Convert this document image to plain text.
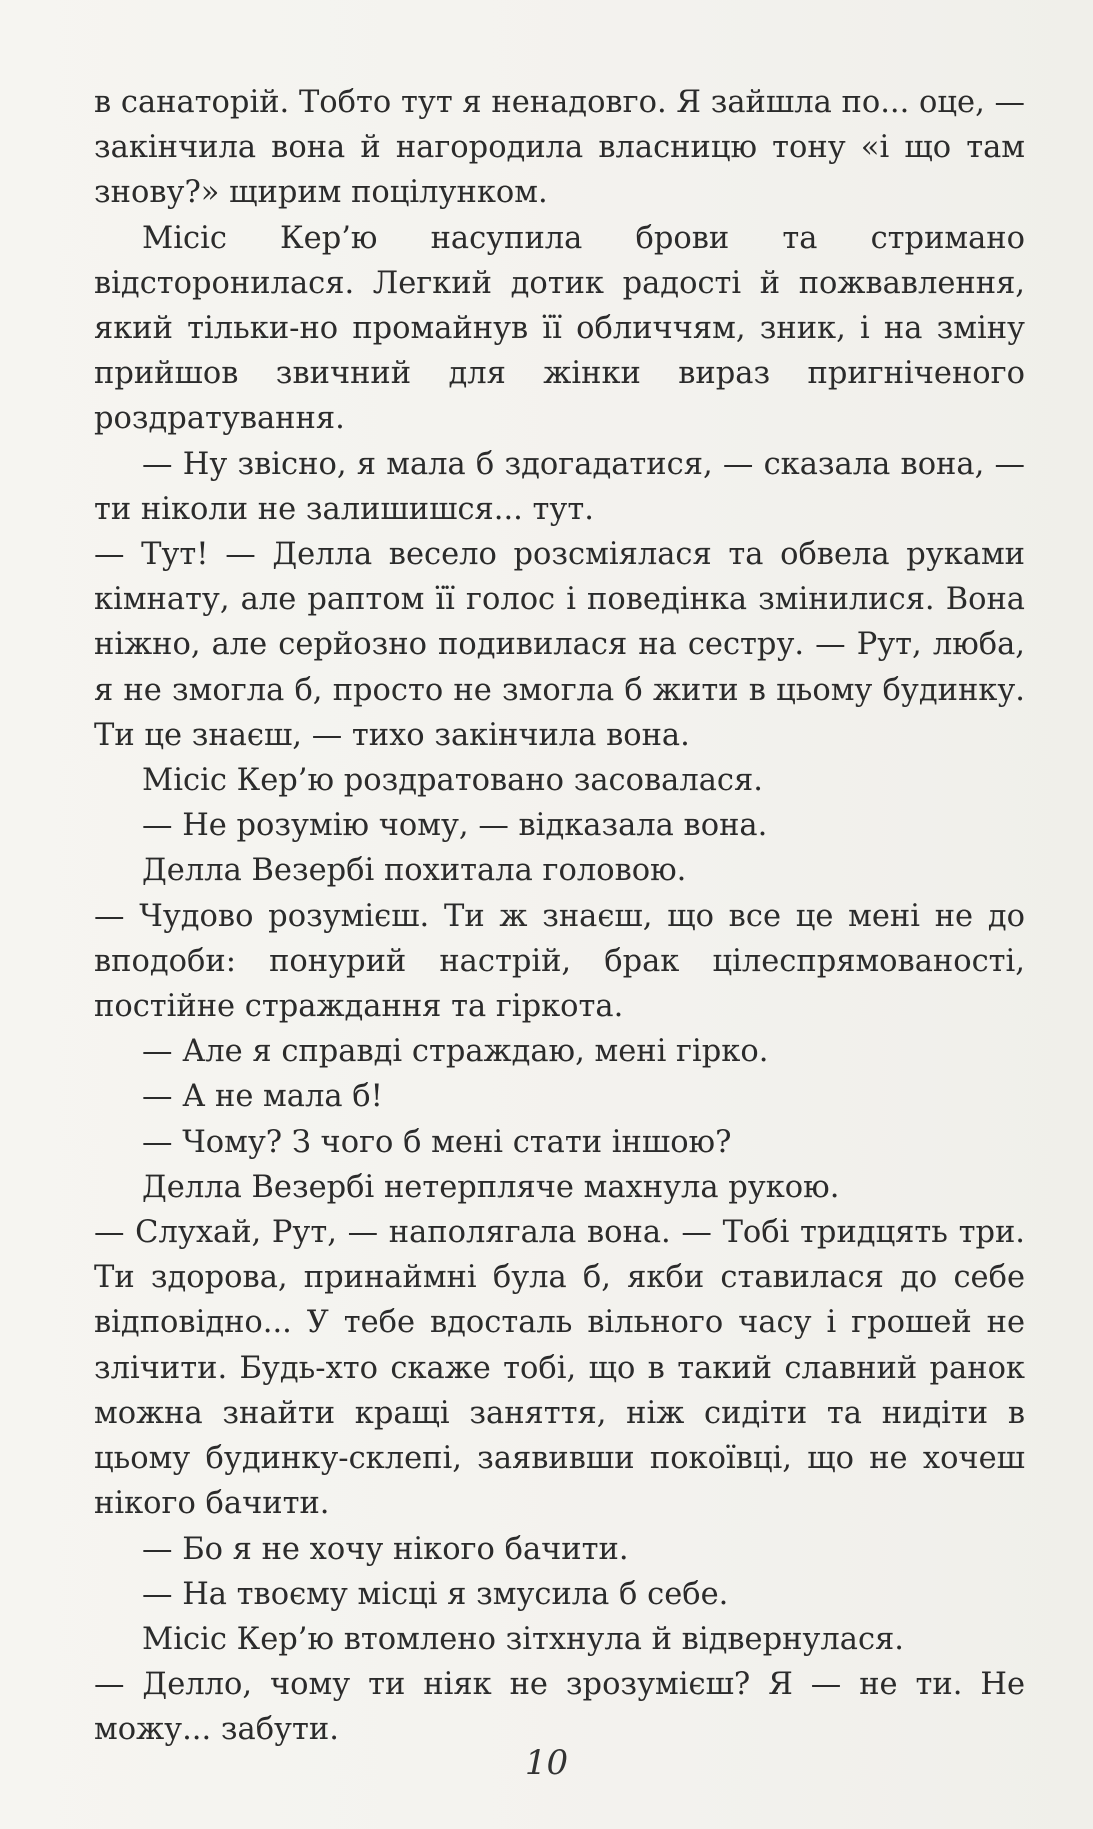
в санаторій. Тобто тут я ненадовго. Я зайшла по... оце, — закінчила вона й нагородила власницю тону «і що там знову?» щирим поцілунком.

Місіс Кер’ю насупила брови та стримано відсторонилася. Легкий дотик радості й пожвавлення, який тільки-но промайнув її обличчям, зник, і на зміну прийшов звичний для жінки вираз пригніченого роздратування.

— Ну звісно, я мала б здогадатися, — сказала вона, — ти ніколи не залишишся... тут.

— Тут! — Делла весело розсміялася та обвела руками кімнату, але раптом її голос і поведінка змінилися. Вона ніжно, але серйозно подивилася на сестру. — Рут, люба, я не змогла б, просто не змогла б жити в цьому будинку. Ти це знаєш, — тихо закінчила вона.

Місіс Кер’ю роздратовано засовалася.

— Не розумію чому, — відказала вона.

Делла Везербі похитала головою.

— Чудово розумієш. Ти ж знаєш, що все це мені не до вподоби: понурий настрій, брак цілеспрямованості, постійне страждання та гіркота.

— Але я справді страждаю, мені гірко.

— А не мала б!

— Чому? З чого б мені стати іншою?

Делла Везербі нетерпляче махнула рукою.

— Слухай, Рут, — наполягала вона. — Тобі тридцять три. Ти здорова, принаймні була б, якби ставилася до себе відповідно... У тебе вдосталь вільного часу і грошей не злічити. Будь-хто скаже тобі, що в такий славний ранок можна знайти кращі заняття, ніж сидіти та нидіти в цьому будинку-склепі, заявивши покоївці, що не хочеш нікого бачити.

— Бо я не хочу нікого бачити.

— На твоєму місці я змусила б себе.

Місіс Кер’ю втомлено зітхнула й відвернулася.

— Делло, чому ти ніяк не зрозумієш? Я — не ти. Не можу... забути.

10
